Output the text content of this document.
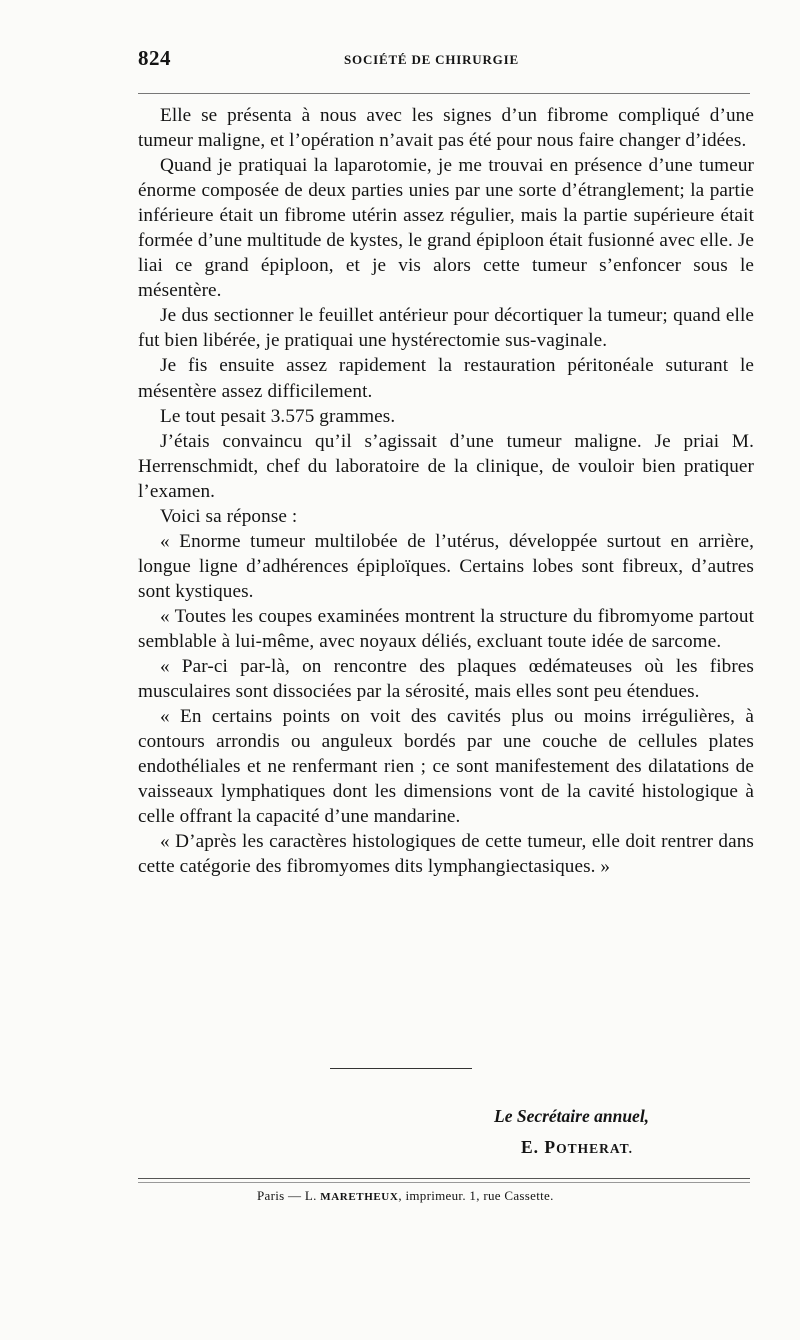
824	SOCIÉTÉ DE CHIRURGIE

Elle se présenta à nous avec les signes d’un fibrome compliqué d’une tumeur maligne, et l’opération n’avait pas été pour nous faire changer d’idées.

Quand je pratiquai la laparotomie, je me trouvai en présence d’une tumeur énorme composée de deux parties unies par une sorte d’étranglement; la partie inférieure était un fibrome utérin assez régulier, mais la partie supérieure était formée d’une multitude de kystes, le grand épiploon était fusionné avec elle. Je liai ce grand épiploon, et je vis alors cette tumeur s’enfoncer sous le mésentère.

Je dus sectionner le feuillet antérieur pour décortiquer la tumeur; quand elle fut bien libérée, je pratiquai une hystérectomie sus-vaginale.

Je fis ensuite assez rapidement la restauration péritonéale suturant le mésentère assez difficilement.

Le tout pesait 3.575 grammes.

J’étais convaincu qu’il s’agissait d’une tumeur maligne. Je priai M. Herrenschmidt, chef du laboratoire de la clinique, de vouloir bien pratiquer l’examen.

Voici sa réponse :

« Enorme tumeur multilobée de l’utérus, développée surtout en arrière, longue ligne d’adhérences épiploïques. Certains lobes sont fibreux, d’autres sont kystiques.

« Toutes les coupes examinées montrent la structure du fibromyome partout semblable à lui-même, avec noyaux déliés, excluant toute idée de sarcome.

« Par-ci par-là, on rencontre des plaques œdémateuses où les fibres musculaires sont dissociées par la sérosité, mais elles sont peu étendues.

« En certains points on voit des cavités plus ou moins irrégulières, à contours arrondis ou anguleux bordés par une couche de cellules plates endothéliales et ne renfermant rien ; ce sont manifestement des dilatations de vaisseaux lymphatiques dont les dimensions vont de la cavité histologique à celle offrant la capacité d’une mandarine.

« D’après les caractères histologiques de cette tumeur, elle doit rentrer dans cette catégorie des fibromyomes dits lymphangiectasiques. »

Le Secrétaire annuel,
E. POTHERAT.
Paris — L. MARETHEUX, imprimeur. 1, rue Cassette.
